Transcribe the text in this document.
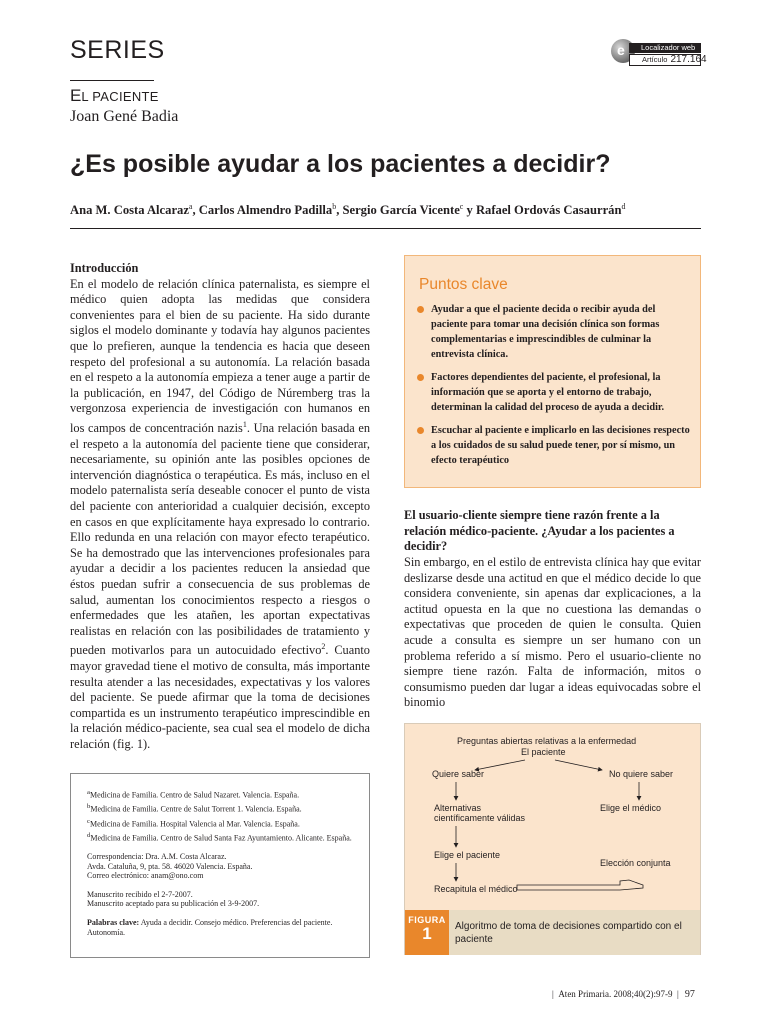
SERIES
EL PACIENTE
Joan Gené Badia
e	Localizador web
Artículo 217.164
¿Es posible ayudar a los pacientes a decidir?
Ana M. Costa Alcaraz$^a$, Carlos Almendro Padilla$^b$, Sergio García Vicente$^c$ y Rafael Ordovás Casaurrán$^d$
Introducción
En el modelo de relación clínica paternalista, es siempre el médico quien adopta las medidas que considera convenientes para el bien de su paciente. Ha sido durante siglos el modelo dominante y todavía hay algunos pacientes que lo prefieren, aunque la tendencia es hacia que deseen respeto del profesional a su autonomía. La relación basada en el respeto a la autonomía empieza a tener auge a partir de la publicación, en 1947, del Código de Núremberg tras la vergonzosa experiencia de investigación con humanos en los campos de concentración nazis$^1$. Una relación basada en el respeto a la autonomía del paciente tiene que considerar, necesariamente, su opinión ante las posibles opciones de intervención diagnóstica o terapéutica. Es más, incluso en el modelo paternalista sería deseable conocer el punto de vista del paciente con anterioridad a cualquier decisión, excepto en casos en que explícitamente haya expresado lo contrario. Ello redunda en una relación con mayor efecto terapéutico. Se ha demostrado que las intervenciones profesionales para ayudar a decidir a los pacientes reducen la ansiedad que éstos puedan sufrir a consecuencia de sus problemas de salud, aumentan los conocimientos respecto a riesgos o enfermedades que les atañen, les aportan expectativas realistas en relación con las posibilidades de tratamiento y pueden motivarlos para un autocuidado efectivo$^2$. Cuanto mayor gravedad tiene el motivo de consulta, más importante resulta atender a las necesidades, expectativas y los valores del paciente. Se puede afirmar que la toma de decisiones compartida es un instrumento terapéutico imprescindible en la relación médico-paciente, sea cual sea el modelo de dicha relación (fig. 1).

$^a$Medicina de Familia. Centro de Salud Nazaret. Valencia. España.

$^b$Medicina de Familia. Centre de Salut Torrent 1. Valencia. España.

$^c$Medicina de Familia. Hospital Valencia al Mar. Valencia. España.

$^d$Medicina de Familia. Centro de Salud Santa Faz Ayuntamiento. Alicante. España.

Correspondencia: Dra. A.M. Costa Alcaraz.

Avda. Cataluña, 9, pta. 58. 46020 Valencia. España.

Correo electrónico: anam@ono.com

Manuscrito recibido el 2-7-2007.

Manuscrito aceptado para su publicación el 3-9-2007.

Palabras clave: Ayuda a decidir. Consejo médico. Preferencias del paciente. Autonomía.

Puntos clave
Ayudar a que el paciente decida o recibir ayuda del paciente para tomar una decisión clínica son formas complementarias e imprescindibles de culminar la entrevista clínica.
Factores dependientes del paciente, el profesional, la información que se aporta y el entorno de trabajo, determinan la calidad del proceso de ayuda a decidir.
Escuchar al paciente e implicarlo en las decisiones respecto a los cuidados de su salud puede tener, por sí mismo, un efecto terapéutico
El usuario-cliente siempre tiene razón frente a la relación médico-paciente. ¿Ayudar a los pacientes a decidir?
Sin embargo, en el estilo de entrevista clínica hay que evitar deslizarse desde una actitud en que el médico decide lo que considera conveniente, sin apenas dar explicaciones, a la actitud opuesta en la que no cuestiona las demandas o expectativas que proceden de quien le consulta. Quien acude a consulta es siempre un ser humano con un problema referido a sí mismo. Pero el usuario-cliente no siempre tiene razón. Falta de información, mitos o consumismo pueden dar lugar a ideas equivocadas sobre el binomio
Preguntas abiertas relativas a la enfermedad
El paciente
Quiere saber	No quiere saber
Alternativas
científicamente válidas
Elige el médico
Elige el paciente
Elección conjunta
Recapitula el médico
FIGURA
1	Algoritmo de toma de decisiones compartido con el paciente
|  Aten Primaria. 2008;40(2):97-9  | 97
